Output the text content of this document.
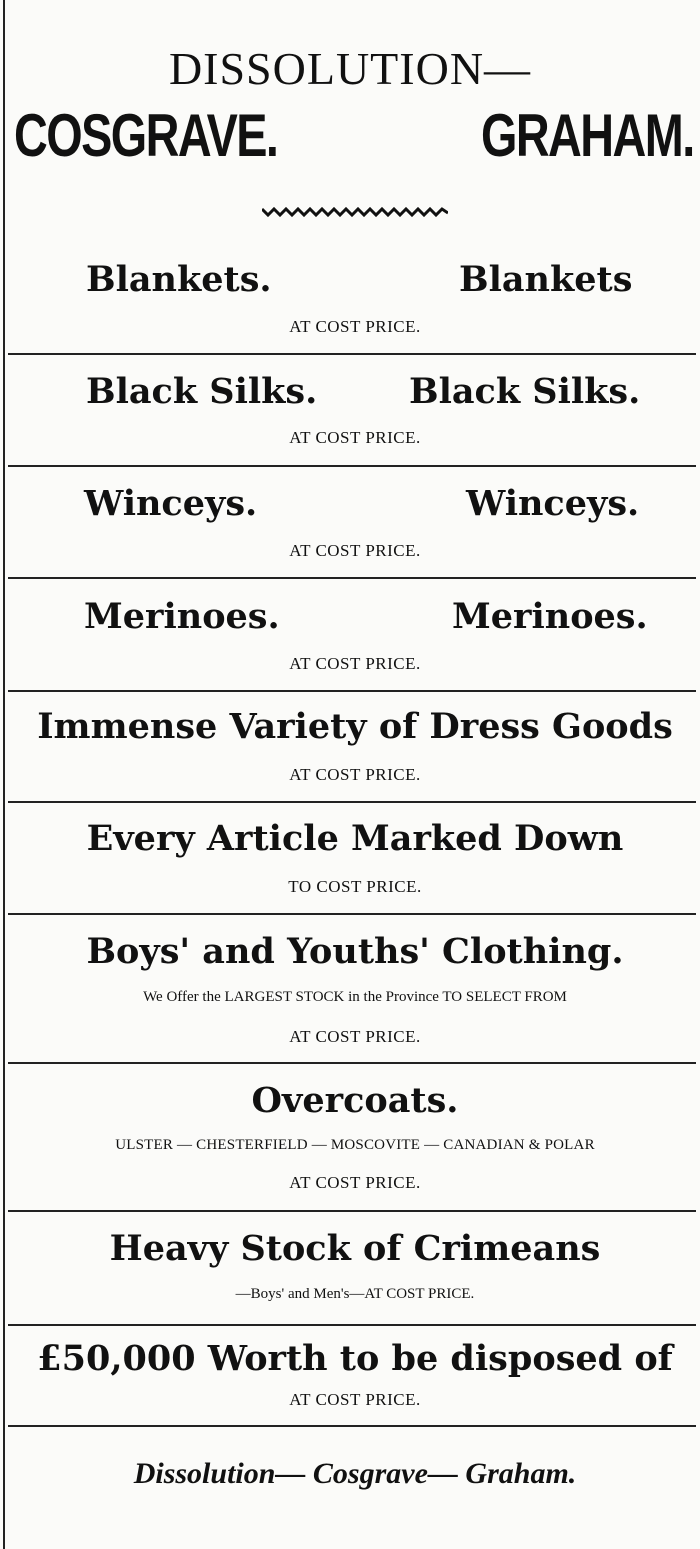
DISSOLUTION—
COSGRAVE.	GRAHAM.
Blankets.	Blankets
AT COST PRICE.
Black Silks.	Black Silks.
AT COST PRICE.
Winceys.	Winceys.
AT COST PRICE.
Merinoes.	Merinoes.
AT COST PRICE.
Immense Variety of Dress Goods
AT COST PRICE.
Every Article Marked Down
TO COST PRICE.
Boys' and Youths' Clothing.
We Offer the LARGEST STOCK in the Province TO SELECT FROM
AT COST PRICE.
Overcoats.
ULSTER — CHESTERFIELD — MOSCOVITE — CANADIAN & POLAR
AT COST PRICE.
Heavy Stock of Crimeans
—Boys' and Men's—AT COST PRICE.
£50,000 Worth to be disposed of
AT COST PRICE.
Dissolution— Cosgrave— Graham.
